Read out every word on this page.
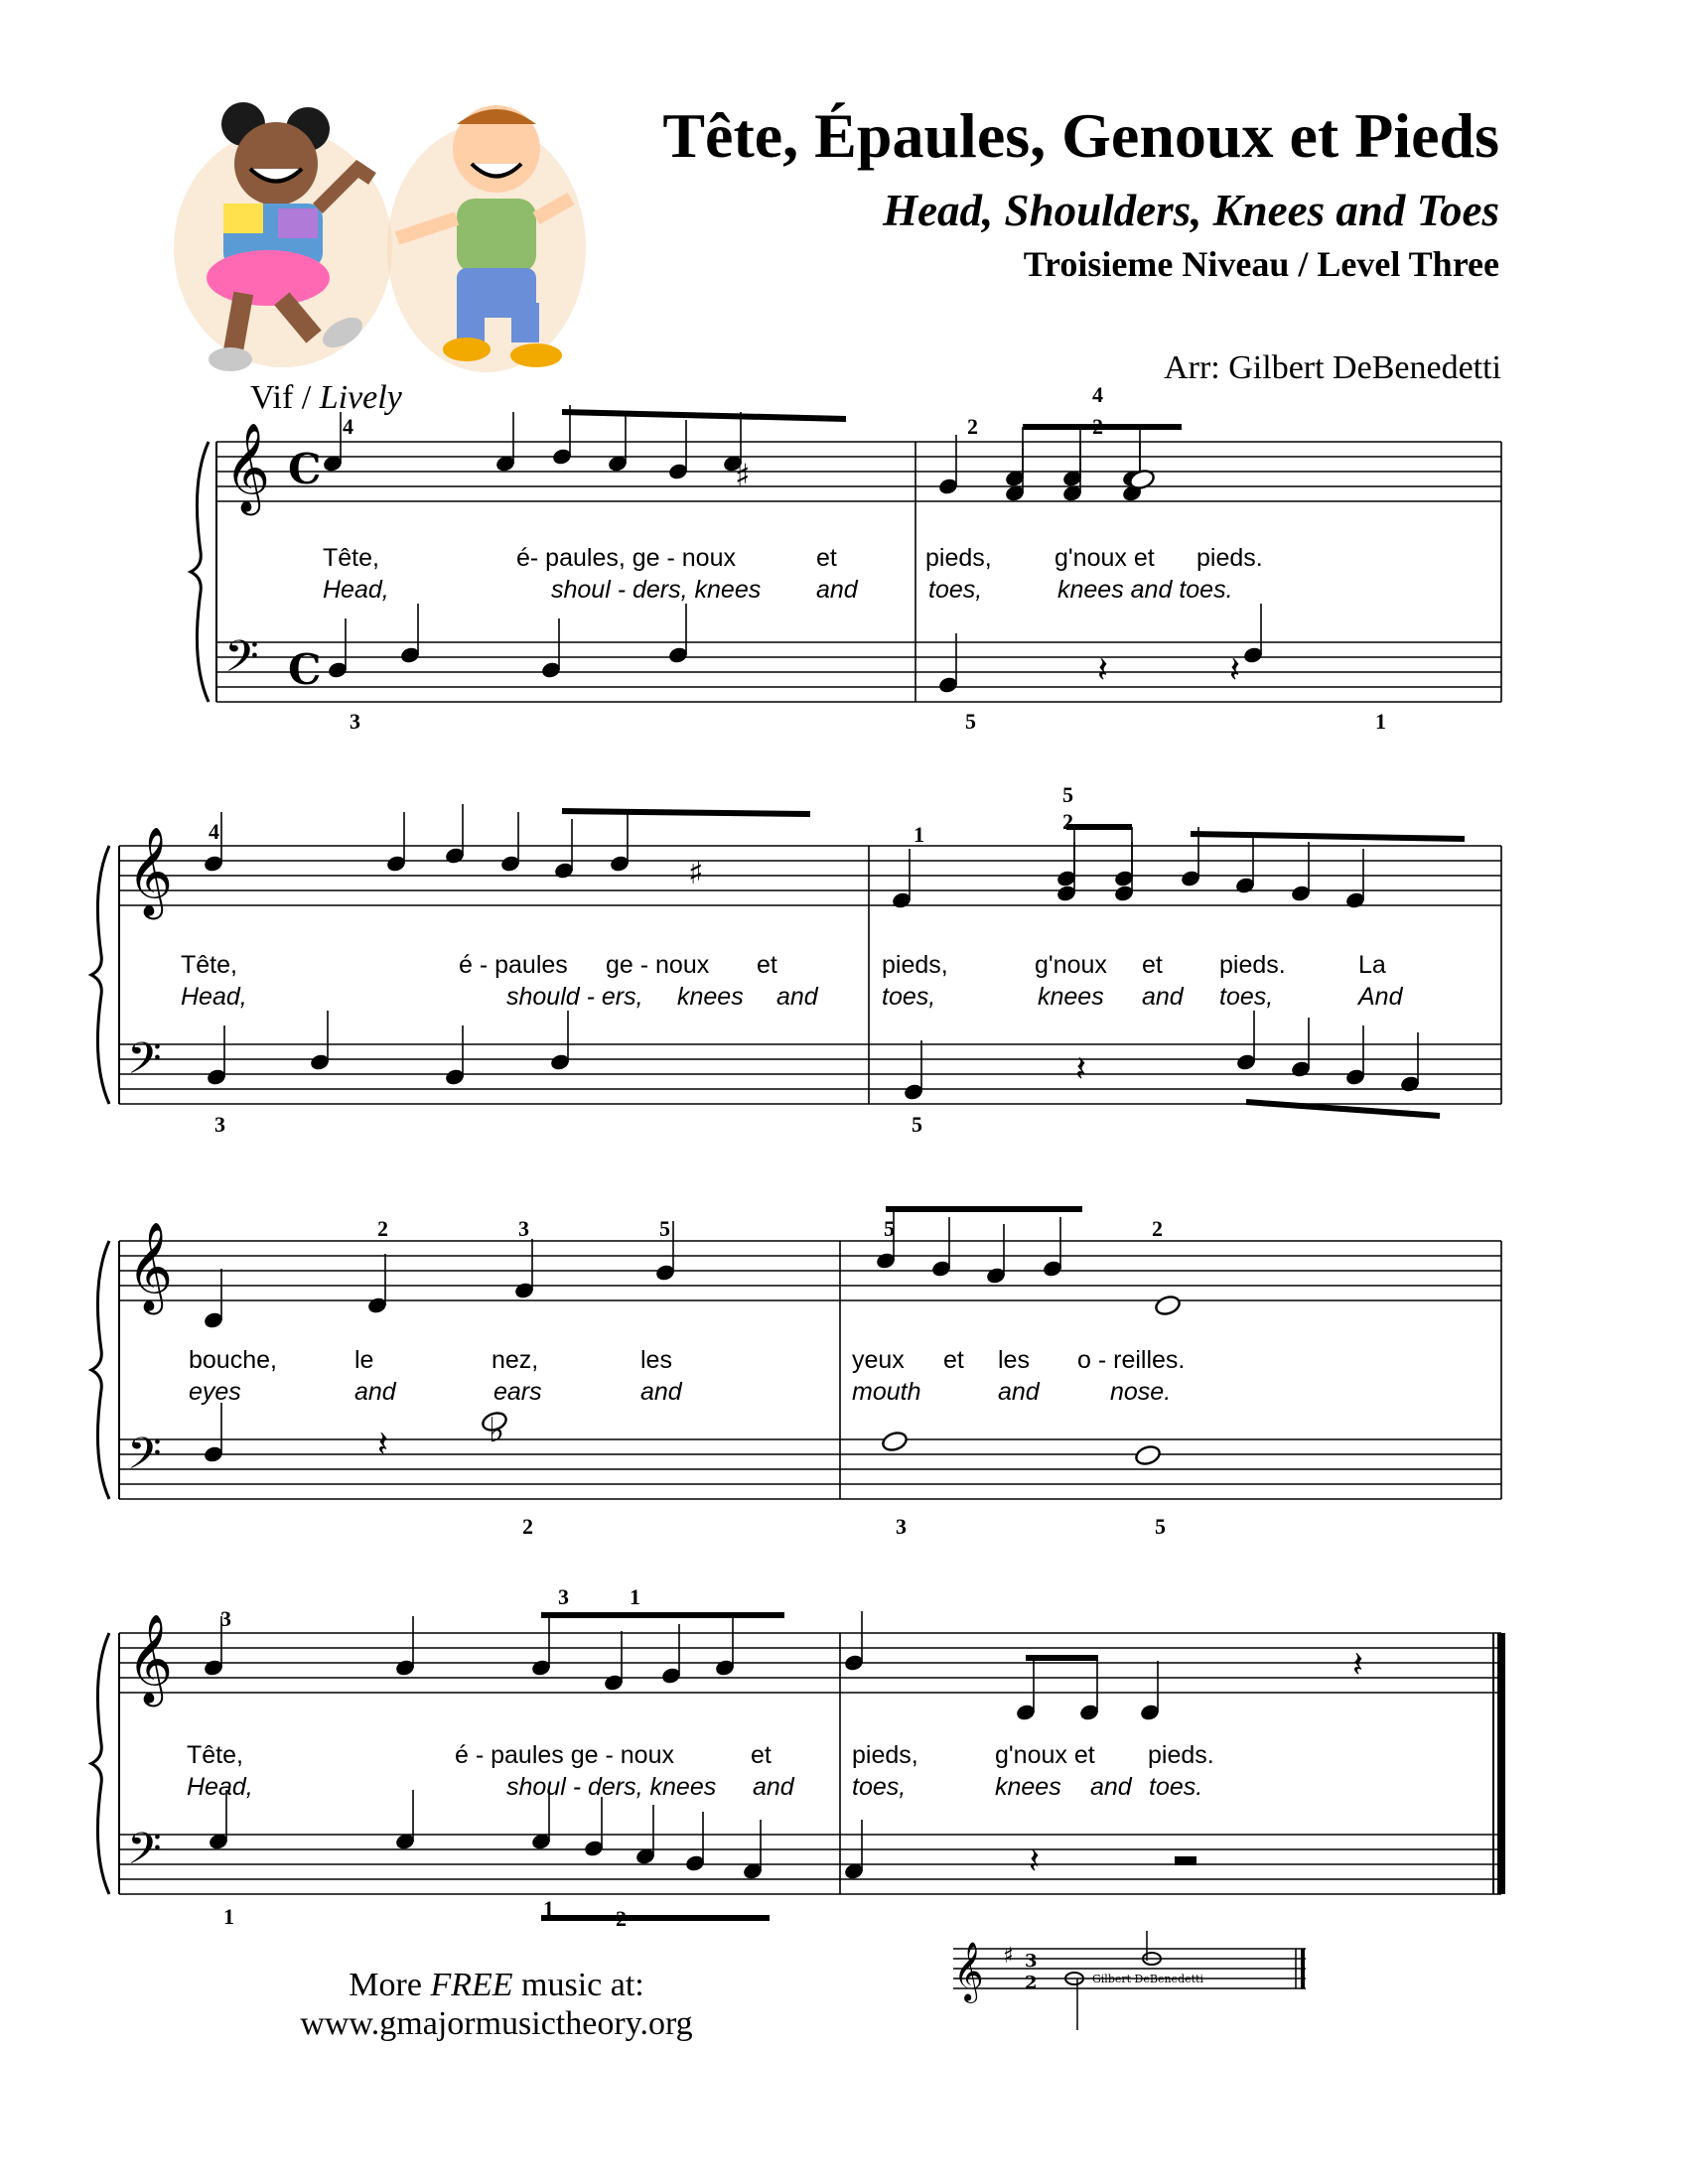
Tête, Épaules, Genoux et Pieds
Head, Shoulders, Knees and Toes
Troisieme Niveau / Level Three
Arr: Gilbert DeBenedetti
Vif / Lively
𝄞
𝄢
C
C
𝄞
𝄢
𝄞
𝄢
𝄞
𝄢
♯
♯
♭
𝄽	𝄽
𝄽
𝄽
𝄽
𝄽
4	2
4
2
3	5	1
4	1
5
2
3	5
2	3	5	5	2
2	3	5
3
3	1
1	1	2
Tête,	é- paules, ge - noux	et	pieds,	g'noux et pieds.
Head,	shoul - ders, knees and	toes,	knees and toes.
Tête,	é - paules ge - noux et	pieds,	g'noux et pieds.	La
Head,	should - ers, knees and	toes,	knees and toes,	And
bouche,	le	nez,	les	yeux et les o - reilles.
eyes	and	ears	and	mouth	and	nose.
Tête,	é - paules ge - noux	et	pieds,	g'noux et pieds.
Head,	shoul - ders, knees and toes,	knees and toes.
More FREE music at:
www.gmajormusictheory.org
𝄞 ♯ 3
2	Gilbert DeBenedetti
